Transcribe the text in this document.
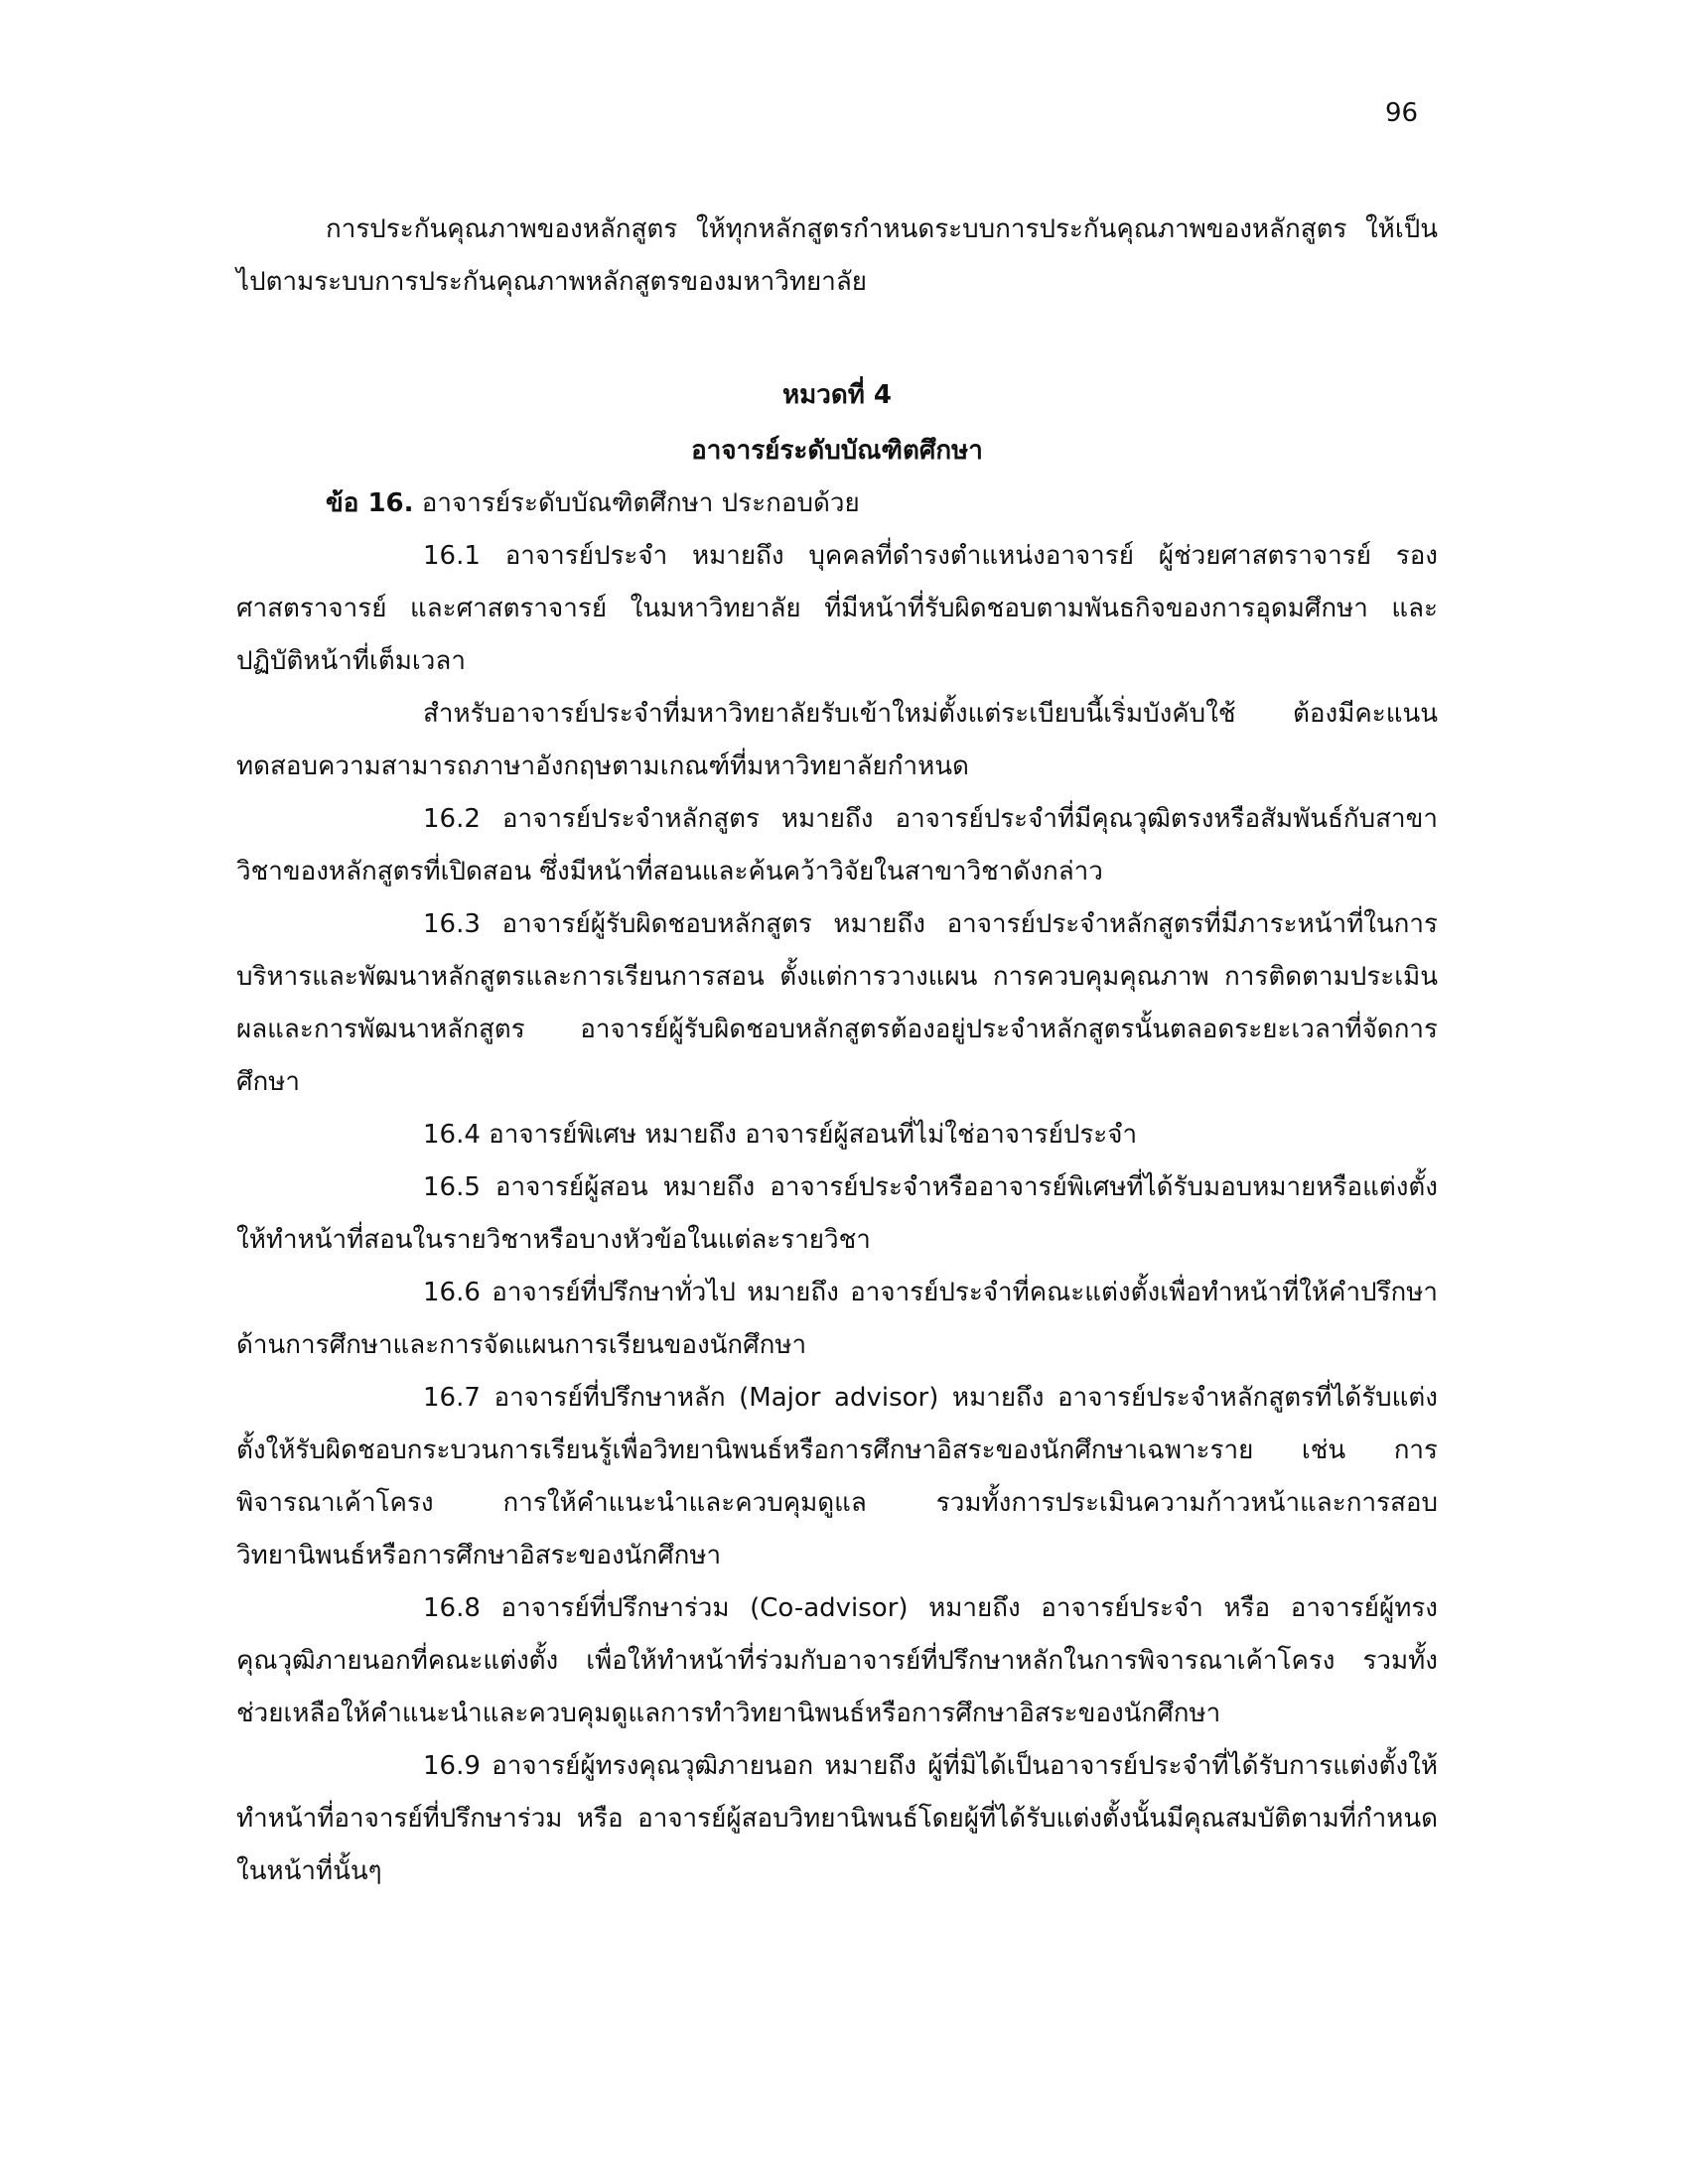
96

การประกันคุณภาพของหลักสูตร ให้ทุกหลักสูตรกำหนดระบบการประกันคุณภาพของหลักสูตร ให้เป็นไปตามระบบการประกันคุณภาพหลักสูตรของมหาวิทยาลัย

หมวดที่ 4
อาจารย์ระดับบัณฑิตศึกษา

ข้อ 16. อาจารย์ระดับบัณฑิตศึกษา ประกอบด้วย

16.1 อาจารย์ประจำ หมายถึง บุคคลที่ดำรงตำแหน่งอาจารย์ ผู้ช่วยศาสตราจารย์ รองศาสตราจารย์ และศาสตราจารย์ ในมหาวิทยาลัย ที่มีหน้าที่รับผิดชอบตามพันธกิจของการอุดมศึกษา และปฏิบัติหน้าที่เต็มเวลา

สำหรับอาจารย์ประจำที่มหาวิทยาลัยรับเข้าใหม่ตั้งแต่ระเบียบนี้เริ่มบังคับใช้ ต้องมีคะแนนทดสอบความสามารถภาษาอังกฤษตามเกณฑ์ที่มหาวิทยาลัยกำหนด

16.2 อาจารย์ประจำหลักสูตร หมายถึง อาจารย์ประจำที่มีคุณวุฒิตรงหรือสัมพันธ์กับสาขาวิชาของหลักสูตรที่เปิดสอน ซึ่งมีหน้าที่สอนและค้นคว้าวิจัยในสาขาวิชาดังกล่าว

16.3 อาจารย์ผู้รับผิดชอบหลักสูตร หมายถึง อาจารย์ประจำหลักสูตรที่มีภาระหน้าที่ในการบริหารและพัฒนาหลักสูตรและการเรียนการสอน ตั้งแต่การวางแผน การควบคุมคุณภาพ การติดตามประเมินผลและการพัฒนาหลักสูตร อาจารย์ผู้รับผิดชอบหลักสูตรต้องอยู่ประจำหลักสูตรนั้นตลอดระยะเวลาที่จัดการศึกษา

16.4 อาจารย์พิเศษ หมายถึง อาจารย์ผู้สอนที่ไม่ใช่อาจารย์ประจำ

16.5 อาจารย์ผู้สอน หมายถึง อาจารย์ประจำหรืออาจารย์พิเศษที่ได้รับมอบหมายหรือแต่งตั้งให้ทำหน้าที่สอนในรายวิชาหรือบางหัวข้อในแต่ละรายวิชา

16.6 อาจารย์ที่ปรึกษาทั่วไป หมายถึง อาจารย์ประจำที่คณะแต่งตั้งเพื่อทำหน้าที่ให้คำปรึกษาด้านการศึกษาและการจัดแผนการเรียนของนักศึกษา

16.7 อาจารย์ที่ปรึกษาหลัก (Major advisor) หมายถึง อาจารย์ประจำหลักสูตรที่ได้รับแต่งตั้งให้รับผิดชอบกระบวนการเรียนรู้เพื่อวิทยานิพนธ์หรือการศึกษาอิสระของนักศึกษาเฉพาะราย เช่น การพิจารณาเค้าโครง การให้คำแนะนำและควบคุมดูแล รวมทั้งการประเมินความก้าวหน้าและการสอบวิทยานิพนธ์หรือการศึกษาอิสระของนักศึกษา

16.8 อาจารย์ที่ปรึกษาร่วม (Co-advisor) หมายถึง อาจารย์ประจำ หรือ อาจารย์ผู้ทรงคุณวุฒิภายนอกที่คณะแต่งตั้ง เพื่อให้ทำหน้าที่ร่วมกับอาจารย์ที่ปรึกษาหลักในการพิจารณาเค้าโครง รวมทั้งช่วยเหลือให้คำแนะนำและควบคุมดูแลการทำวิทยานิพนธ์หรือการศึกษาอิสระของนักศึกษา

16.9 อาจารย์ผู้ทรงคุณวุฒิภายนอก หมายถึง ผู้ที่มิได้เป็นอาจารย์ประจำที่ได้รับการแต่งตั้งให้ทำหน้าที่อาจารย์ที่ปรึกษาร่วม หรือ อาจารย์ผู้สอบวิทยานิพนธ์โดยผู้ที่ได้รับแต่งตั้งนั้นมีคุณสมบัติตามที่กำหนดในหน้าที่นั้นๆ
